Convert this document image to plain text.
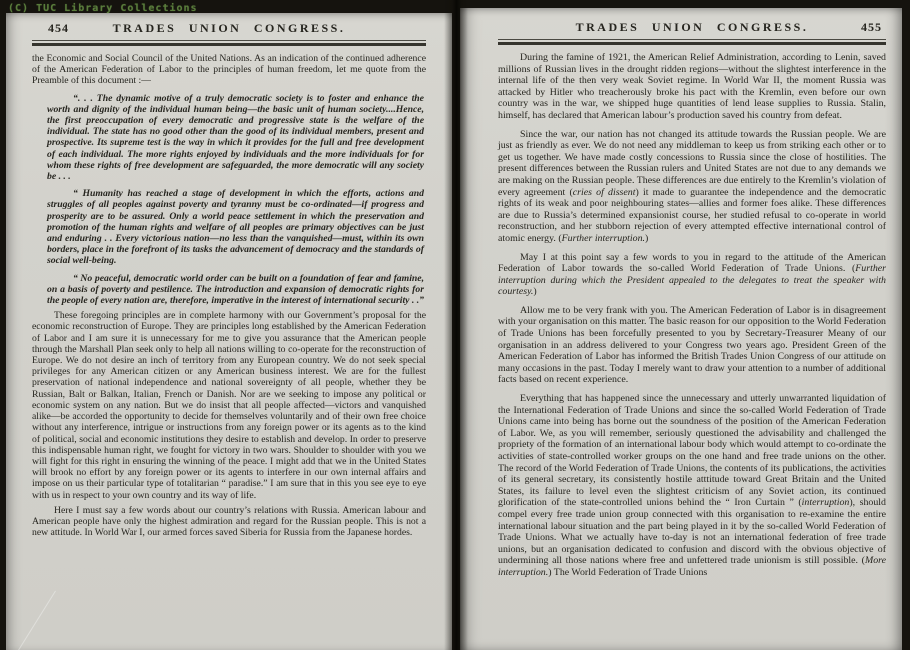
(C) TUC Library Collections
454	TRADES UNION CONGRESS.

the Economic and Social Council of the United Nations. As an indication of the continued adherence of the American Federation of Labor to the principles of human freedom, let me quote from the Preamble of this document :—

“. . . The dynamic motive of a truly democratic society is to foster and enhance the worth and dignity of the individual human being—the basic unit of human society....Hence, the first preoccupation of every democratic and progressive state is the welfare of the individual. The state has no good other than the good of its individual members, present and prospective. Its supreme test is the way in which it provides for the full and free development of each individual. The more rights enjoyed by individuals and the more individuals for for whom these rights of free development are safeguarded, the more democratic will any society be . . .

“ Humanity has reached a stage of development in which the efforts, actions and struggles of all peoples against poverty and tyranny must be co-ordinated—if progress and prosperity are to be assured. Only a world peace settlement in which the preservation and promotion of the human rights and welfare of all peoples are primary objectives can be just and enduring . . Every victorious nation—no less than the vanquished—must, within its own borders, place in the forefront of its tasks the advancement of democracy and the standards of social well-being.

“ No peaceful, democratic world order can be built on a foundation of fear and famine, on a basis of poverty and pestilence. The introduction and expansion of democratic rights for the people of every nation are, therefore, imperative in the interest of international security . .”

These foregoing principles are in complete harmony with our Government’s proposal for the economic reconstruction of Europe. They are principles long established by the American Federation of Labor and I am sure it is unnecessary for me to give you assurance that the American people through the Marshall Plan seek only to help all nations willing to co-operate for the reconstruction of Europe. We do not desire an inch of territory from any European country. We do not seek special privileges for any American citizen or any American business interest. We are for the fullest preservation of national independence and national sovereignty of all people, whether they be Russian, Balt or Balkan, Italian, French or Danish. Nor are we seeking to impose any political or economic system on any nation. But we do insist that all people affected—victors and vanquished alike—be accorded the opportunity to decide for themselves voluntarily and of their own free choice without any interference, intrigue or instructions from any foreign power or its agents as to the kind of political, social and economic institutions they desire to establish and develop. In order to preserve this indispensable human right, we fought for victory in two wars. Shoulder to shoulder with you we will fight for this right in ensuring the winning of the peace. I might add that we in the United States will brook no effort by any foreign power or its agents to interfere in our own internal affairs and impose on us their particular type of totalitarian “ paradise.” I am sure that in this you see eye to eye with us in respect to your own country and its way of life.

Here I must say a few words about our country’s relations with Russia. American labour and American people have only the highest admiration and regard for the Russian people. This is not a new attitude. In World War I, our armed forces saved Siberia for Russia from the Japanese hordes.

TRADES UNION CONGRESS.	455

During the famine of 1921, the American Relief Administration, according to Lenin, saved millions of Russian lives in the drought ridden regions—without the slightest interference in the internal life of the then very weak Soviet regime. In World War II, the moment Russia was attacked by Hitler who treacherously broke his pact with the Kremlin, even before our own country was in the war, we shipped huge quantities of lend lease supplies to Russia. Stalin, himself, has declared that American labour’s production saved his country from defeat.

Since the war, our nation has not changed its attitude towards the Russian people. We are just as friendly as ever. We do not need any middleman to keep us from striking each other or to get us together. We have made costly concessions to Russia since the close of hostilities. The present differences between the Russian rulers and United States are not due to any demands we are making on the Russian people. These differences are due entirely to the Kremlin’s violation of every agreement (cries of dissent) it made to guarantee the independence and the democratic rights of its weak and poor neighbouring states—allies and former foes alike. These differences are due to Russia’s determined expansionist course, her studied refusal to co-operate in world reconstruction, and her stubborn rejection of every attempted effective international control of atomic energy. (Further interruption.)

May I at this point say a few words to you in regard to the attitude of the American Federation of Labor towards the so-called World Federation of Trade Unions. (Further interruption during which the President appealed to the delegates to treat the speaker with courtesy.)

Allow me to be very frank with you. The American Federation of Labor is in disagreement with your organisation on this matter. The basic reason for our opposition to the World Federation of Trade Unions has been forcefully presented to you by Secretary-Treasurer Meany of our organisation in an address delivered to your Congress two years ago. President Green of the American Federation of Labor has informed the British Trades Union Congress of our attitude on many occasions in the past. Today I merely want to draw your attention to a number of additional facts based on recent experience.

Everything that has happened since the unnecessary and utterly unwarranted liquidation of the International Federation of Trade Unions and since the so-called World Federation of Trade Unions came into being has borne out the soundness of the position of the American Federation of Labor. We, as you will remember, seriously questioned the advisability and challenged the propriety of the formation of an international labour body which would attempt to co-ordinate the activities of state-controlled worker groups on the one hand and free trade unions on the other. The record of the World Federation of Trade Unions, the contents of its publications, the activities of its general secretary, its consistently hostile atttitude toward Great Britain and the United States, its failure to level even the slightest criticism of any Soviet action, its continued glorification of the state-controlled unions behind the “ Iron Curtain ” (interruption), should compel every free trade union group connected with this organisation to re-examine the entire international labour situation and the part being played in it by the so-called World Federation of Trade Unions. What we actually have to-day is not an international federation of free trade unions, but an organisation dedicated to confusion and discord with the obvious objective of undermining all those nations where free and unfettered trade unionism is still possible. (More interruption.) The World Federation of Trade Unions
